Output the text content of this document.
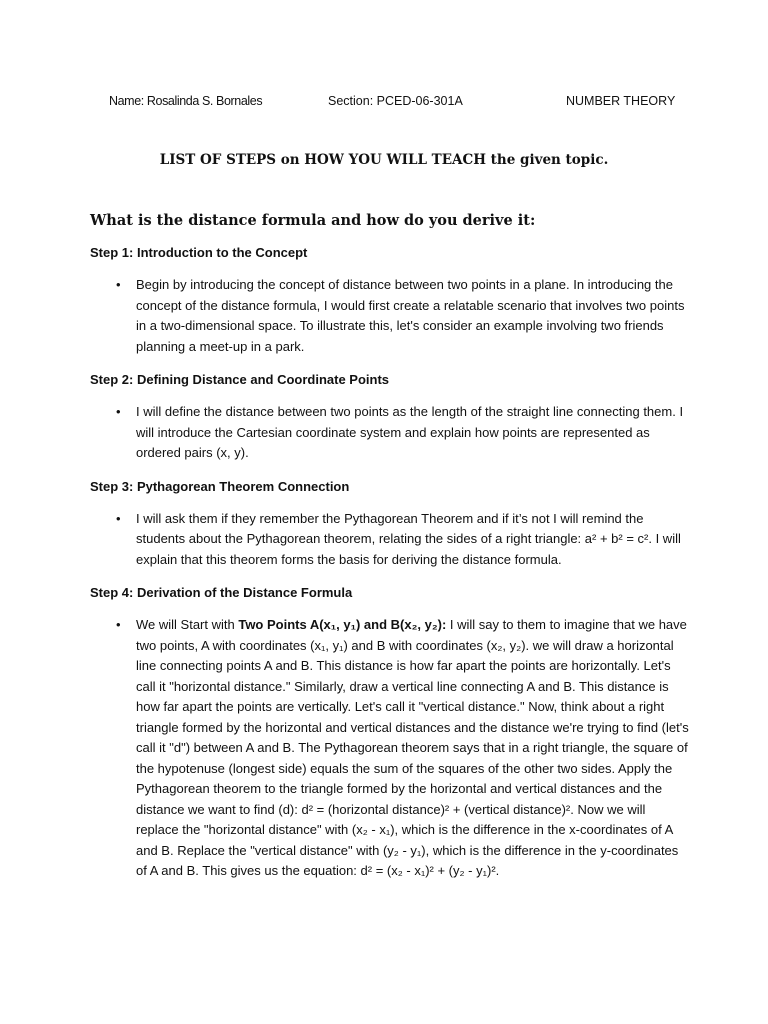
Name: Rosalinda S. Bornales	Section: PCED-06-301A	NUMBER THEORY
LIST OF STEPS on HOW YOU WILL TEACH the given topic.
What is the distance formula and how do you derive it:

Step 1: Introduction to the Concept

• Begin by introducing the concept of distance between two points in a plane. In introducing the concept of the distance formula, I would first create a relatable scenario that involves two points in a two-dimensional space. To illustrate this, let's consider an example involving two friends planning a meet-up in a park.

Step 2: Defining Distance and Coordinate Points

• I will define the distance between two points as the length of the straight line connecting them. I will introduce the Cartesian coordinate system and explain how points are represented as ordered pairs (x, y).

Step 3: Pythagorean Theorem Connection

• I will ask them if they remember the Pythagorean Theorem and if it’s not I will remind the students about the Pythagorean theorem, relating the sides of a right triangle: a² + b² = c². I will explain that this theorem forms the basis for deriving the distance formula.

Step 4: Derivation of the Distance Formula

• We will Start with Two Points A(x₁, y₁) and B(x₂, y₂): I will say to them to imagine that we have two points, A with coordinates (x₁, y₁) and B with coordinates (x₂, y₂). we will draw a horizontal line connecting points A and B. This distance is how far apart the points are horizontally. Let's call it "horizontal distance." Similarly, draw a vertical line connecting A and B. This distance is how far apart the points are vertically. Let's call it "vertical distance." Now, think about a right triangle formed by the horizontal and vertical distances and the distance we're trying to find (let's call it "d") between A and B. The Pythagorean theorem says that in a right triangle, the square of the hypotenuse (longest side) equals the sum of the squares of the other two sides. Apply the Pythagorean theorem to the triangle formed by the horizontal and vertical distances and the distance we want to find (d): d² = (horizontal distance)² + (vertical distance)². Now we will replace the "horizontal distance" with (x₂ - x₁), which is the difference in the x-coordinates of A and B. Replace the "vertical distance" with (y₂ - y₁), which is the difference in the y-coordinates of A and B. This gives us the equation: d² = (x₂ - x₁)² + (y₂ - y₁)².
